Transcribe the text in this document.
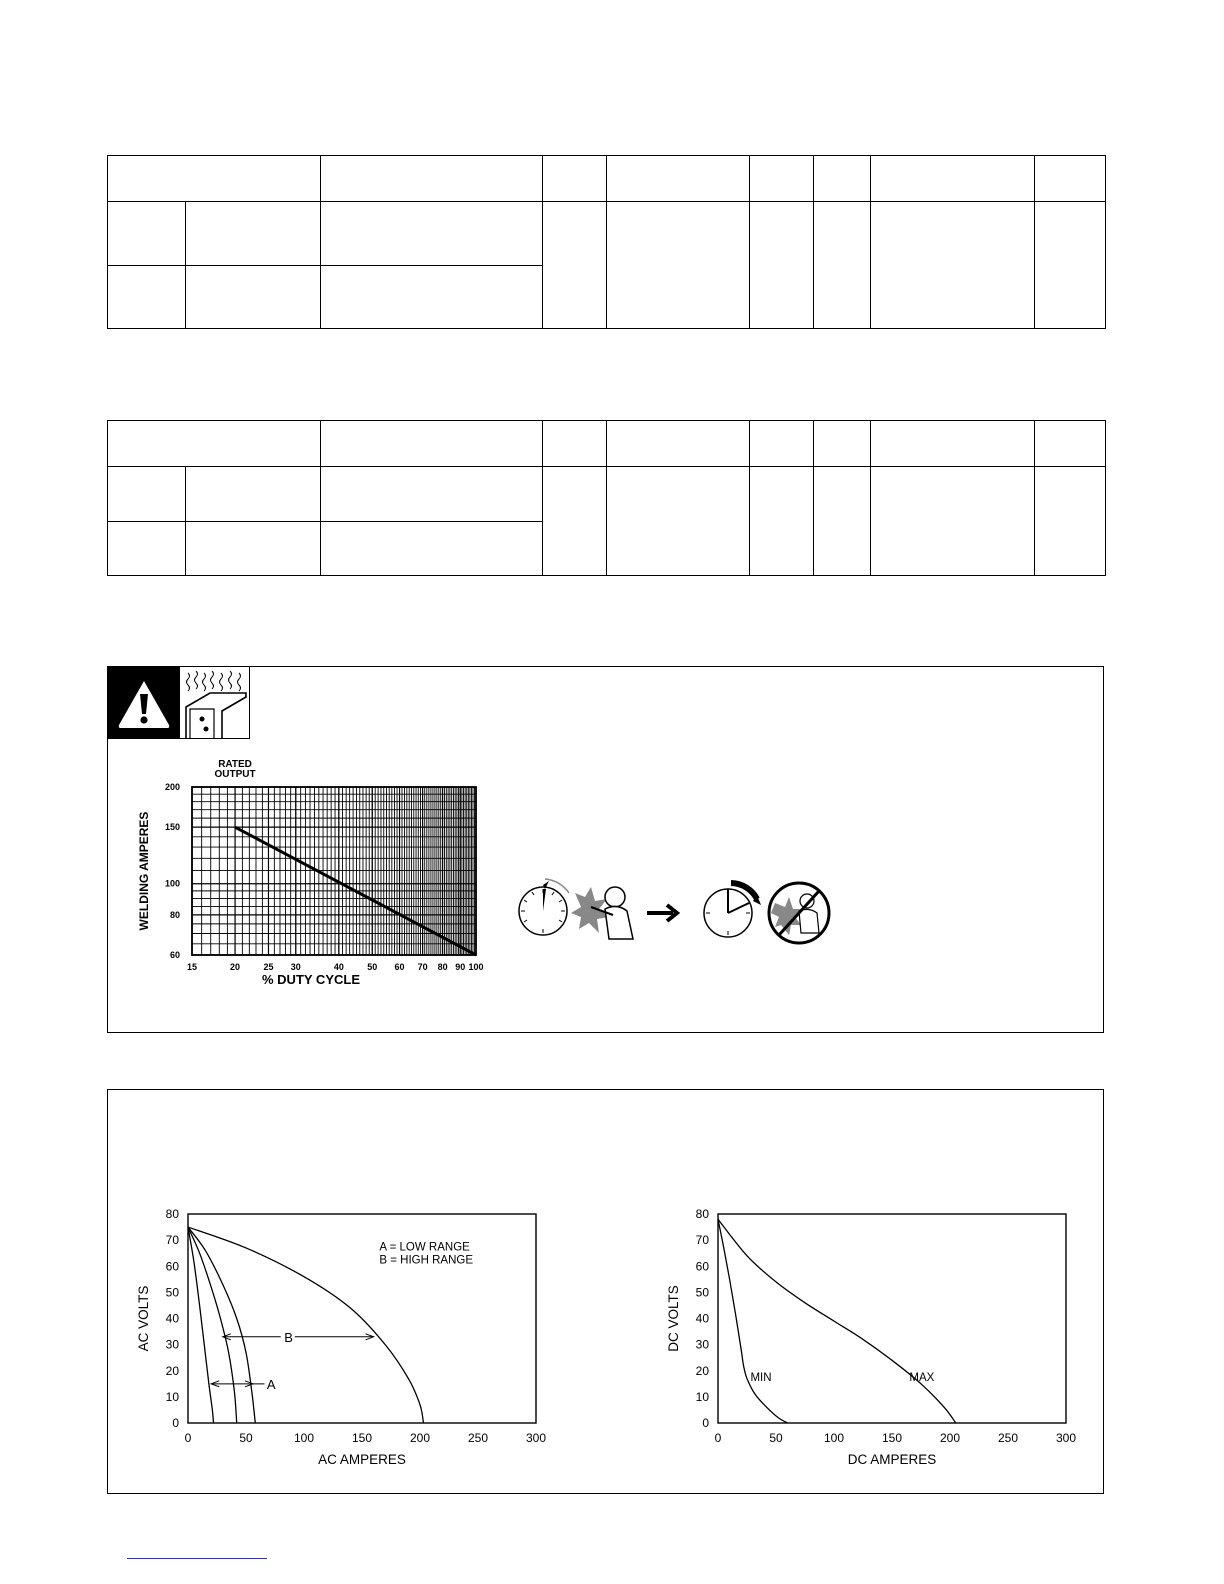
15	20	25 30	40	50 60 70 80 90 100
60
80
100
150
200
RATED
OUTPUT
% DUTY CYCLE
WELDING AMPERES
0	50	100	150	200	250	300
0
10
20
30
40
50
60
70
80
AC AMPERES
AC VOLTS
A = LOW RANGE
B = HIGH RANGE
B
A
0	50	100	150	200	250	300
0
10
20
30
40
50
60
70
80
DC AMPERES
DC VOLTS
MIN	MAX
